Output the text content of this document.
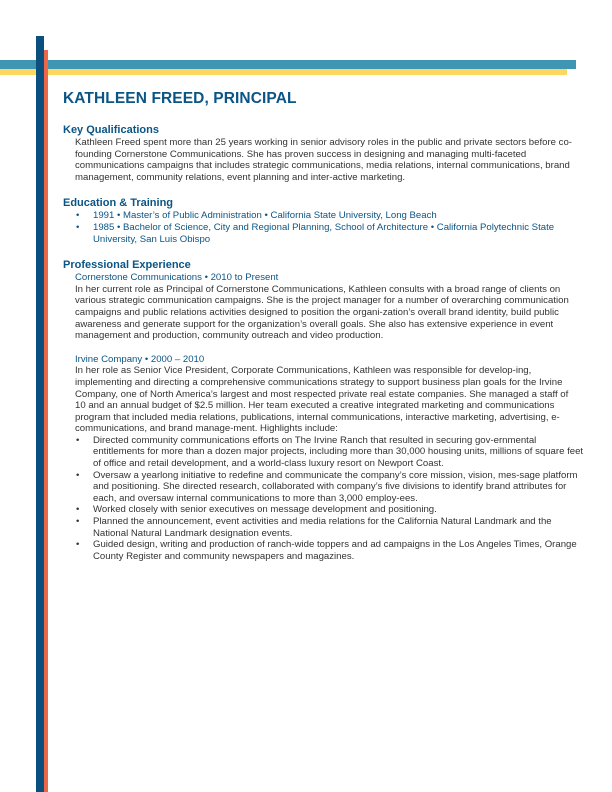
KATHLEEN FREED, PRINCIPAL
Key Qualifications

Kathleen Freed spent more than 25 years working in senior advisory roles in the public and private sectors before co-founding Cornerstone Communications. She has proven success in designing and managing multi-faceted communications campaigns that includes strategic communications, media relations, internal communications, brand management, community relations, event planning and inter-active marketing.

Education & Training
• 1991 • Master’s of Public Administration • California State University, Long Beach
• 1985 • Bachelor of Science, City and Regional Planning, School of Architecture • California Polytechnic State University, San Luis Obispo
Professional Experience

Cornerstone Communications • 2010 to Present

In her current role as Principal of Cornerstone Communications, Kathleen consults with a broad range of clients on various strategic communication campaigns. She is the project manager for a number of overarching communication campaigns and public relations activities designed to position the organi-zation’s overall brand identity, build public awareness and generate support for the organization’s overall goals. She also has extensive experience in event management and production, community outreach and video production.

Irvine Company • 2000 – 2010

In her role as Senior Vice President, Corporate Communications, Kathleen was responsible for develop-ing, implementing and directing a comprehensive communications strategy to support business plan goals for the Irvine Company, one of North America’s largest and most respected private real estate companies. She managed a staff of 10 and an annual budget of $2.5 million. Her team executed a creative integrated marketing and communications program that included media relations, publications, internal communications, interactive marketing, advertising, e-communications, and brand manage-ment. Highlights include:

• Directed community communications efforts on The Irvine Ranch that resulted in securing gov-ernmental entitlements for more than a dozen major projects, including more than 30,000 housing units, millions of square feet of office and retail development, and a world-class luxury resort on Newport Coast.
• Oversaw a yearlong initiative to redefine and communicate the company’s core mission, vision, mes-sage platform and positioning. She directed research, collaborated with company’s five divisions to identify brand attributes for each, and oversaw internal communications to more than 3,000 employ-ees.
• Worked closely with senior executives on message development and positioning.
• Planned the announcement, event activities and media relations for the California Natural Landmark and the National Natural Landmark designation events.
• Guided design, writing and production of ranch-wide toppers and ad campaigns in the Los Angeles Times, Orange County Register and community newspapers and magazines.
